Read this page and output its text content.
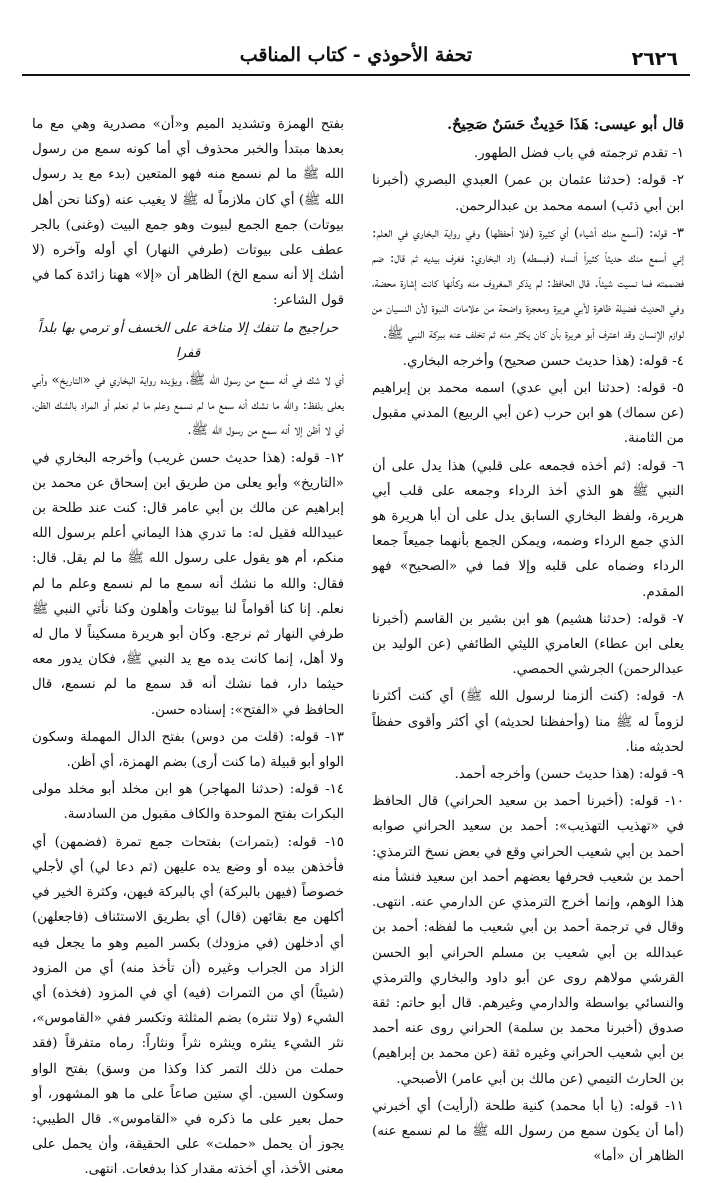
٢٦٢٦
تحفة الأحوذي - كتاب المناقب

قال أبو عيسى: هَذَا حَدِيثٌ حَسَنٌ صَحِيحٌ.

١- تقدم ترجمته في باب فضل الطهور.

٢- قوله: (حدثنا عثمان بن عمر) العبدي البصري (أخبرنا ابن أبي ذئب) اسمه محمد بن عبدالرحمن.

٣- قوله: (أسمع منك أشياء) أي كثيرة (فلا أحفظها) وفي رواية البخاري في العلم: إني أسمع منك حديثاً كثيراً أنساه (فبسطه) زاد البخاري: فغرف بيديه ثم قال: ضم فضممته فما نسيت شيئاً. قال الحافظ: لم يذكر المغروف منه وكأنها كانت إشارة محضة، وفي الحديث فضيلة ظاهرة لأبي هريرة ومعجزة واضحة من علامات النبوة لأن النسيان من لوازم الإنسان وقد اعترف أبو هريرة بأن كان يكثر منه ثم تخلف عنه ببركة النبي ﷺ.

٤- قوله: (هذا حديث حسن صحيح) وأخرجه البخاري.

٥- قوله: (حدثنا ابن أبي عدي) اسمه محمد بن إبراهيم (عن سماك) هو ابن حرب (عن أبي الربيع) المدني مقبول من الثامنة.

٦- قوله: (ثم أخذه فجمعه على قلبي) هذا يدل على أن النبي ﷺ هو الذي أخذ الرداء وجمعه على قلب أبي هريرة، ولفظ البخاري السابق يدل على أن أبا هريرة هو الذي جمع الرداء وضمه، ويمكن الجمع بأنهما جميعاً جمعا الرداء وضماه على قلبه وإلا فما في «الصحيح» فهو المقدم.

٧- قوله: (حدثنا هشيم) هو ابن بشير بن القاسم (أخبرنا يعلى ابن عطاء) العامري الليثي الطائفي (عن الوليد بن عبدالرحمن) الجرشي الحمصي.

٨- قوله: (كنت ألزمنا لرسول الله ﷺ) أي كنت أكثرنا لزوماً له ﷺ منا (وأحفظنا لحديثه) أي أكثر وأقوى حفظاً لحديثه منا.

٩- قوله: (هذا حديث حسن) وأخرجه أحمد.

١٠- قوله: (أخبرنا أحمد بن سعيد الحراني) قال الحافظ في «تهذيب التهذيب»: أحمد بن سعيد الحراني صوابه أحمد بن أبي شعيب الحراني وقع في بعض نسخ الترمذي: أحمد بن شعيب فحرفها بعضهم أحمد ابن سعيد فنشأ منه هذا الوهم، وإنما أخرج الترمذي عن الدارمي عنه. انتهى. وقال في ترجمة أحمد بن أبي شعيب ما لفظه: أحمد بن عبدالله بن أبي شعيب بن مسلم الحراني أبو الحسن القرشي مولاهم روى عن أبو داود والبخاري والترمذي والنسائي بواسطة والدارمي وغيرهم. قال أبو حاتم: ثقة صدوق (أخبرنا محمد بن سلمة) الحراني روى عنه أحمد بن أبي شعيب الحراني وغيره ثقة (عن محمد بن إبراهيم) بن الحارث التيمي (عن مالك بن أبي عامر) الأصبحي.

١١- قوله: (يا أبا محمد) كنية طلحة (أرأيت) أي أخبرني (أما أن يكون سمع من رسول الله ﷺ ما لم نسمع عنه) الظاهر أن «أما»

بفتح الهمزة وتشديد الميم و«أن» مصدرية وهي مع ما بعدها مبتدأ والخبر محذوف أي أما كونه سمع من رسول الله ﷺ ما لم نسمع منه فهو المتعين (بدء مع يد رسول الله ﷺ) أي كان ملازماً له ﷺ لا يغيب عنه (وكنا نحن أهل بيوتات) جمع الجمع لبيوت وهو جمع البيت (وغنى) بالجر عطف على بيوتات (طرفي النهار) أي أوله وآخره (لا أشك إلا أنه سمع الخ) الظاهر أن «إلا» ههنا زائدة كما في قول الشاعر:

حراجيج ما تنفك إلا مناخة على الخسف أو ترمي بها بلداً قفرا

أي لا شك في أنه سمع من رسول الله ﷺ، ويؤيده رواية البخاري في «التاريخ» وأبي يعلى بلفظ: والله ما نشك أنه سمع ما لم نسمع وعلم ما لم نعلم أو المراد بالشك الظن، أي لا أظن إلا أنه سمع من رسول الله ﷺ.

١٢- قوله: (هذا حديث حسن غريب) وأخرجه البخاري في «التاريخ» وأبو يعلى من طريق ابن إسحاق عن محمد بن إبراهيم عن مالك بن أبي عامر قال: كنت عند طلحة بن عبيدالله فقيل له: ما تدري هذا اليماني أعلم برسول الله منكم، أم هو يقول على رسول الله ﷺ ما لم يقل. قال: فقال: والله ما نشك أنه سمع ما لم نسمع وعلم ما لم نعلم. إنا كنا أقواماً لنا بيوتات وأهلون وكنا نأتي النبي ﷺ طرفي النهار ثم نرجع. وكان أبو هريرة مسكيناً لا مال له ولا أهل، إنما كانت يده مع يد النبي ﷺ، فكان يدور معه حيثما دار، فما نشك أنه قد سمع ما لم نسمع، قال الحافظ في «الفتح»: إسناده حسن.

١٣- قوله: (قلت من دوس) بفتح الدال المهملة وسكون الواو أبو قبيلة (ما كنت أرى) بضم الهمزة، أي أظن.

١٤- قوله: (حدثنا المهاجر) هو ابن مخلد أبو مخلد مولى البكرات بفتح الموحدة والكاف مقبول من السادسة.

١٥- قوله: (بتمرات) بفتحات جمع تمرة (فضمهن) أي فأخذهن بيده أو وضع يده عليهن (ثم دعا لي) أي لأجلي خصوصاً (فيهن بالبركة) أي بالبركة فيهن، وكثرة الخير في أكلهن مع بقائهن (قال) أي بطريق الاستئناف (فاجعلهن) أي أدخلهن (في مزودك) بكسر الميم وهو ما يجعل فيه الزاد من الجراب وغيره (أن تأخذ منه) أي من المزود (شيئاً) أي من التمرات (فيه) أي في المزود (فخذه) أي الشيء (ولا تنثره) بضم المثلثة وتكسر ففي «القاموس»، نثر الشيء ينثره وينثره نثراً ونثاراً: رماه متفرقاً (فقد حملت من ذلك التمر كذا وكذا من وسق) بفتح الواو وسكون السين. أي ستين صاعاً على ما هو المشهور، أو حمل بعير على ما ذكره في «القاموس». قال الطيبي: يجوز أن يحمل «حملت» على الحقيقة، وأن يحمل على معنى الأخذ، أي أخذته مقدار كذا بدفعات. انتهى.
